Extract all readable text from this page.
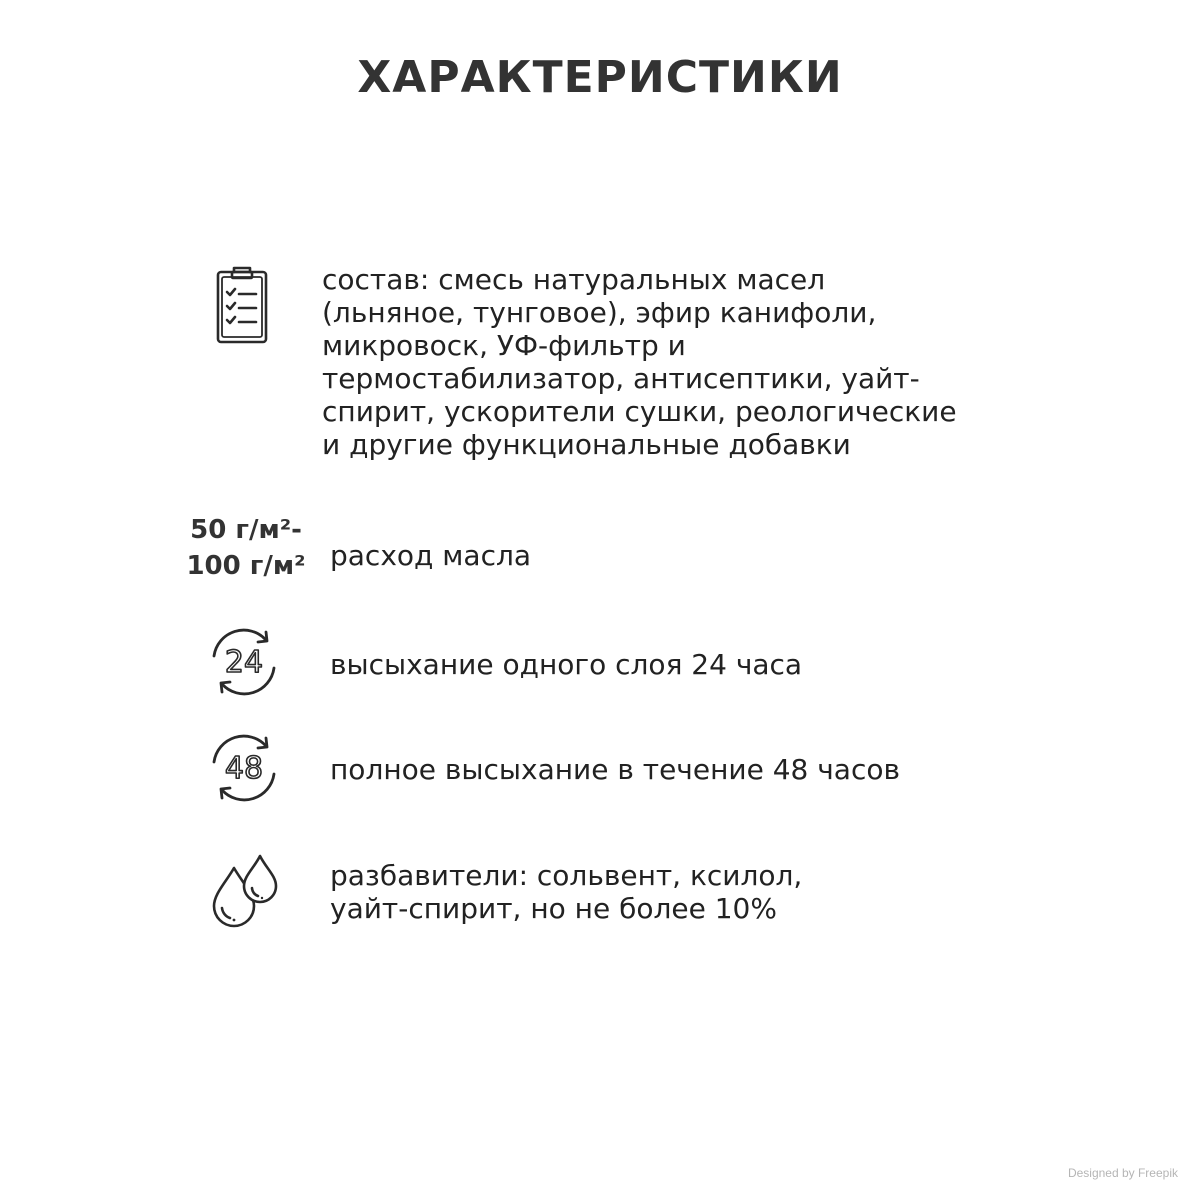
ХАРАКТЕРИСТИКИ
состав: смесь натуральных масел
(льняное, тунговое), эфир канифоли,
микровоск, УФ-фильтр и
термостабилизатор, антисептики, уайт-
спирит, ускорители сушки, реологические
и другие функциональные добавки
50 г/м²-
100 г/м² расход масла
24 высыхание одного слоя 24 часа
48 полное высыхание в течение 48 часов
разбавители: сольвент, ксилол,
уайт-спирит, но не более 10%
Designed by Freepik
